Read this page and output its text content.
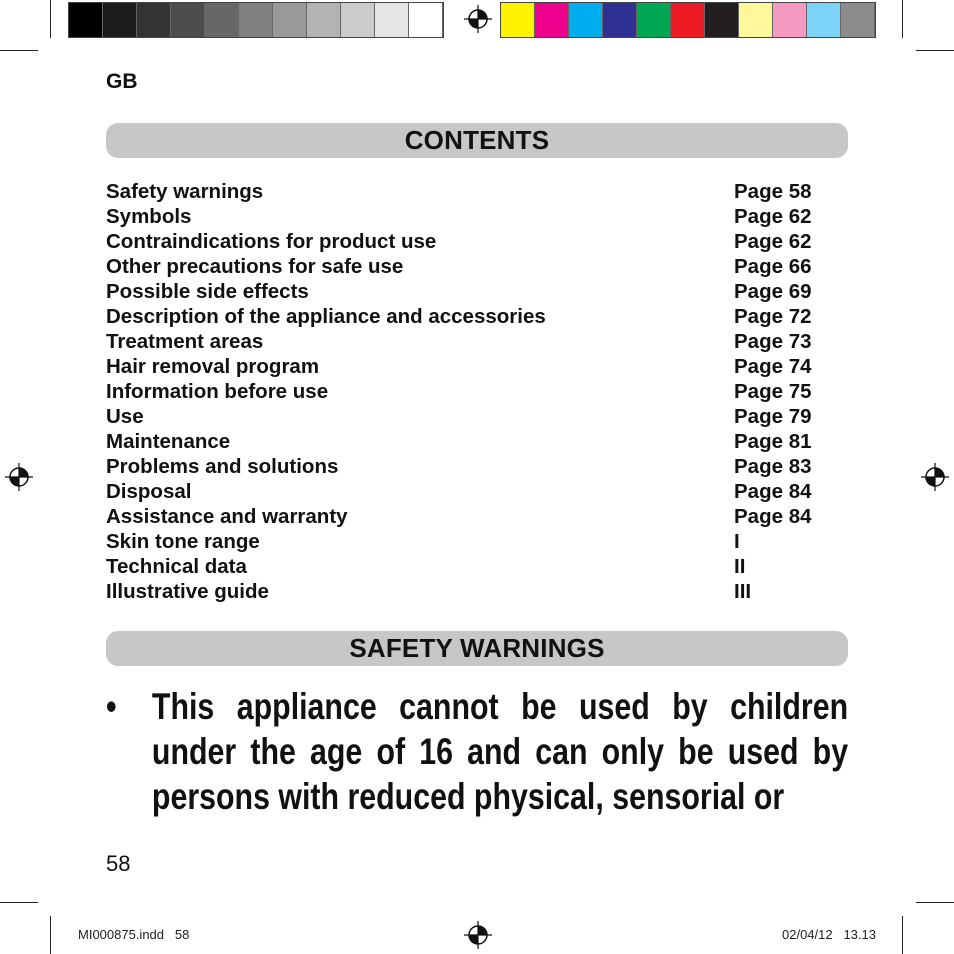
GB
CONTENTS
Safety warnings	Page 58
Symbols	Page 62
Contraindications for product use	Page 62
Other precautions for safe use	Page 66
Possible side effects	Page 69
Description of the appliance and accessories	Page 72
Treatment areas	Page 73
Hair removal program	Page 74
Information before use	Page 75
Use	Page 79
Maintenance	Page 81
Problems and solutions	Page 83
Disposal	Page 84
Assistance and warranty	Page 84
Skin tone range	I
Technical data	II
Illustrative guide	III
SAFETY WARNINGS
• This appliance cannot be used by children under the age of 16 and can only be used by persons with reduced physical, sensorial or
58
MI000875.indd   58	02/04/12   13.13
